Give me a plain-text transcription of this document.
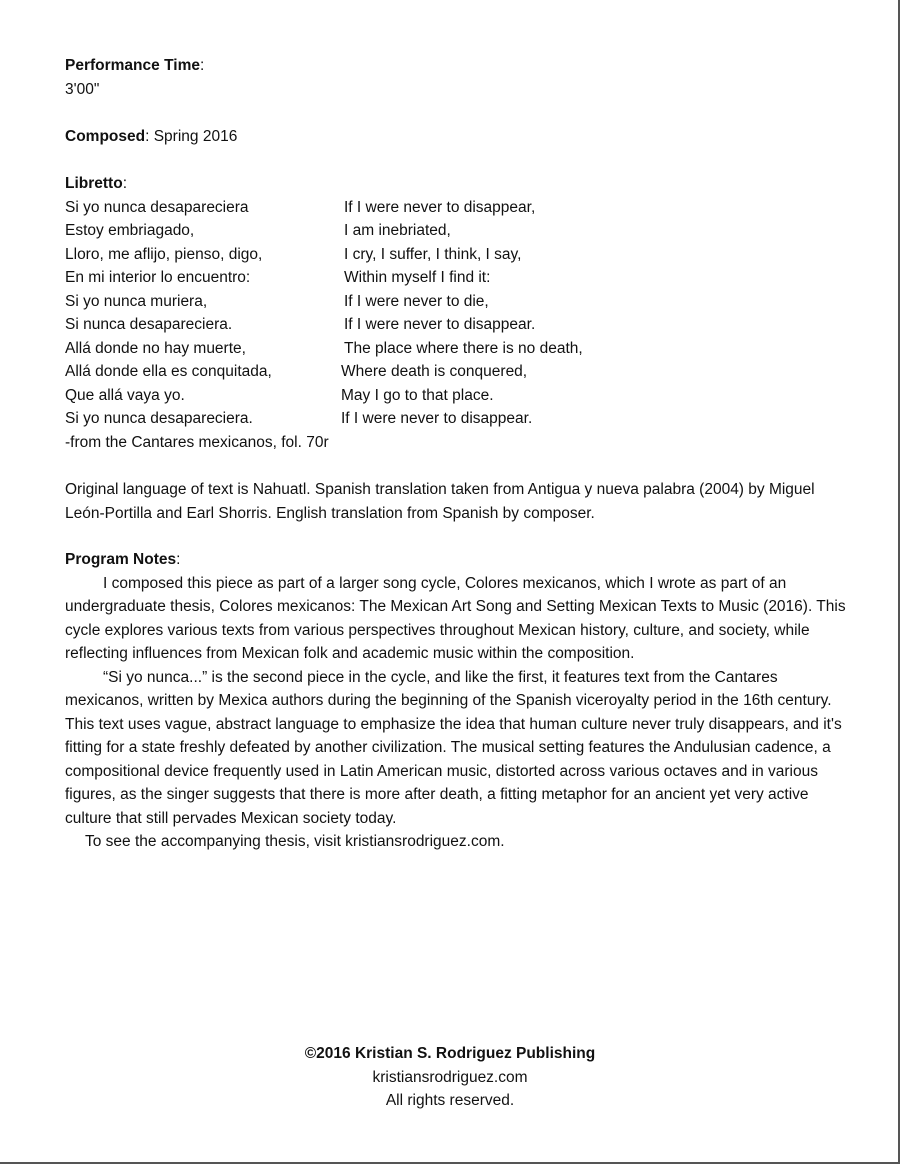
Performance Time:
3'00"
Composed: Spring 2016
Libretto:
Si yo nunca desapareciera	If I were never to disappear,
Estoy embriagado,	I am inebriated,
Lloro, me aflijo, pienso, digo,	I cry, I suffer, I think, I say,
En mi interior lo encuentro:	Within myself I find it:
Si yo nunca muriera,	If I were never to die,
Si nunca desapareciera.	If I were never to disappear.
Allá donde no hay muerte,	The place where there is no death,
Allá donde ella es conquitada,	Where death is conquered,
Que allá vaya yo.	May I go to that place.
Si yo nunca desapareciera.	If I were never to disappear.
-from the Cantares mexicanos, fol. 70r
Original language of text is Nahuatl. Spanish translation taken from Antigua y nueva palabra (2004) by Miguel León-Portilla and Earl Shorris. English translation from Spanish by composer.
Program Notes:
I composed this piece as part of a larger song cycle, Colores mexicanos, which I wrote as part of an undergraduate thesis, Colores mexicanos: The Mexican Art Song and Setting Mexican Texts to Music (2016). This cycle explores various texts from various perspectives throughout Mexican history, culture, and society, while reflecting influences from Mexican folk and academic music within the composition.
“Si yo nunca...” is the second piece in the cycle, and like the first, it features text from the Cantares mexicanos, written by Mexica authors during the beginning of the Spanish viceroyalty period in the 16th century. This text uses vague, abstract language to emphasize the idea that human culture never truly disappears, and it's fitting for a state freshly defeated by another civilization. The musical setting features the Andulusian cadence, a compositional device frequently used in Latin American music, distorted across various octaves and in various figures, as the singer suggests that there is more after death, a fitting metaphor for an ancient yet very active culture that still pervades Mexican society today.
To see the accompanying thesis, visit kristiansrodriguez.com.
©2016 Kristian S. Rodriguez Publishing
kristiansrodriguez.com
All rights reserved.
